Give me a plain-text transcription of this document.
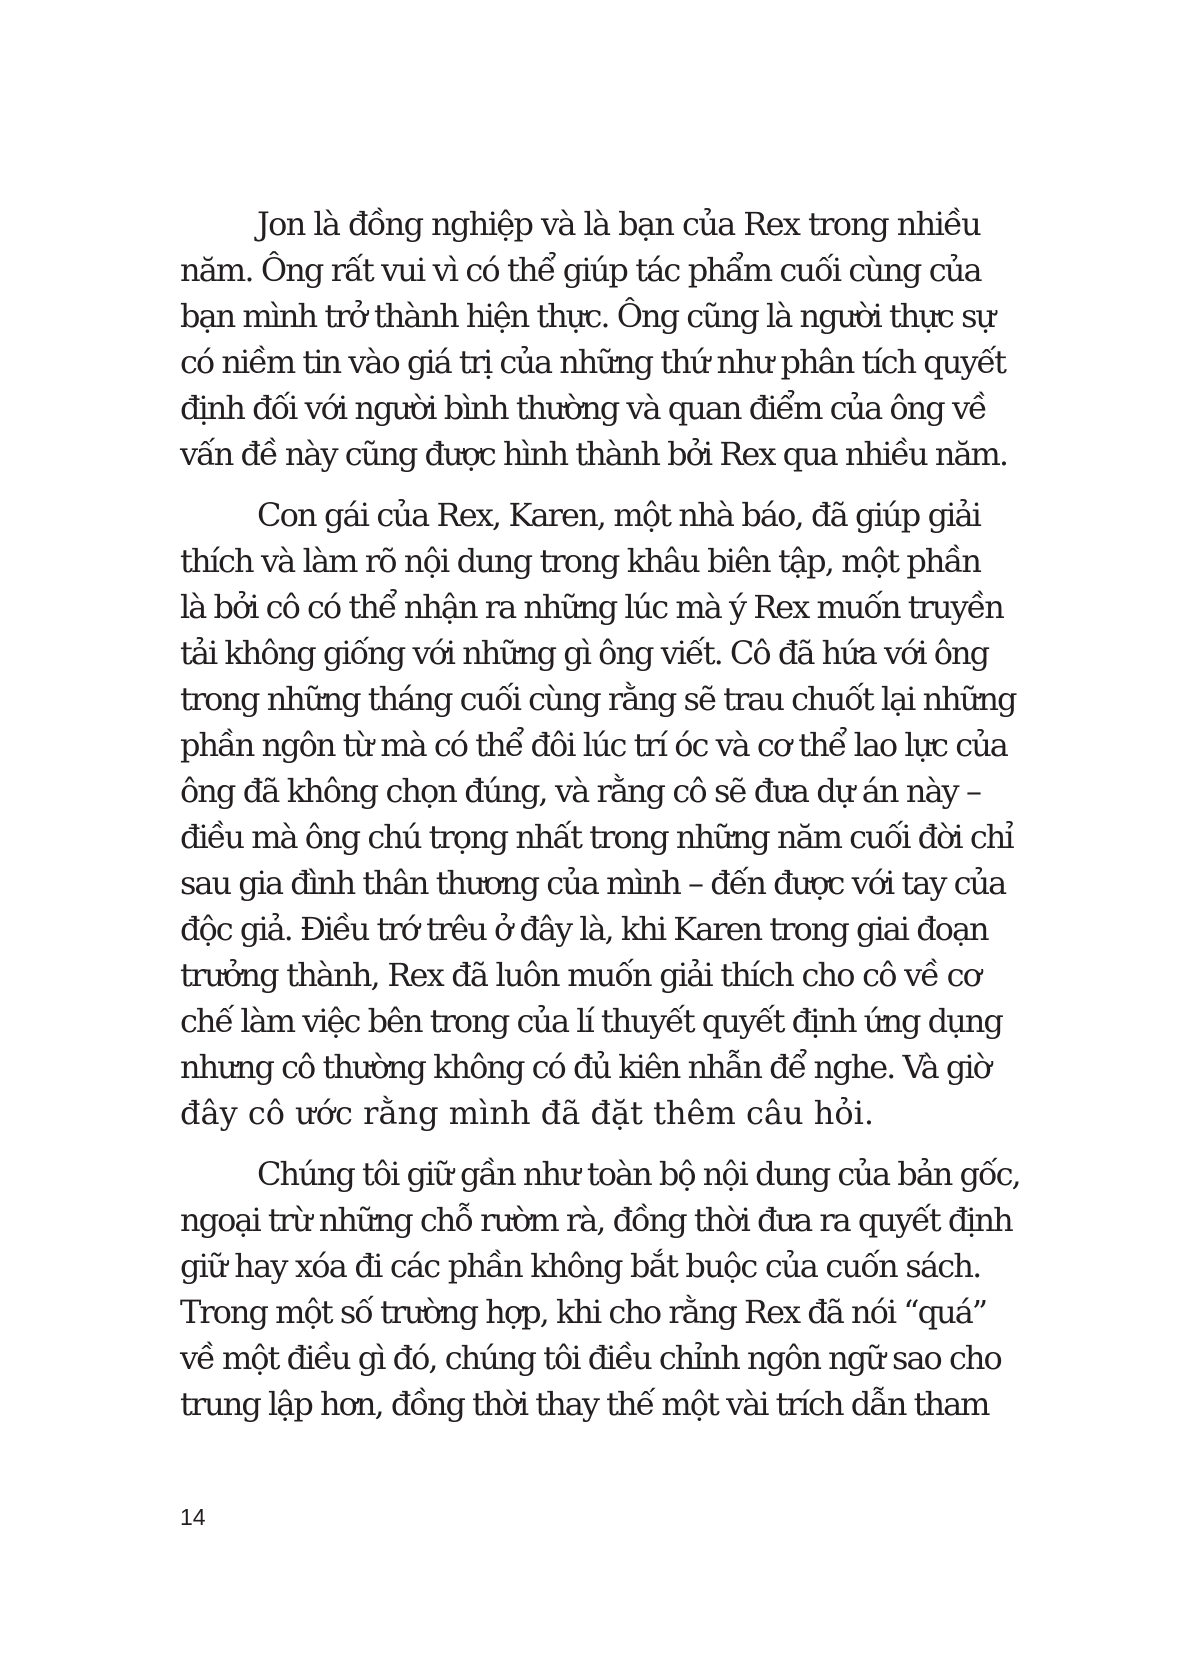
Jon là đồng nghiệp và là bạn của Rex trong nhiều
năm. Ông rất vui vì có thể giúp tác phẩm cuối cùng của
bạn mình trở thành hiện thực. Ông cũng là người thực sự
có niềm tin vào giá trị của những thứ như phân tích quyết
định đối với người bình thường và quan điểm của ông về
vấn đề này cũng được hình thành bởi Rex qua nhiều năm.
Con gái của Rex, Karen, một nhà báo, đã giúp giải
thích và làm rõ nội dung trong khâu biên tập, một phần
là bởi cô có thể nhận ra những lúc mà ý Rex muốn truyền
tải không giống với những gì ông viết. Cô đã hứa với ông
trong những tháng cuối cùng rằng sẽ trau chuốt lại những
phần ngôn từ mà có thể đôi lúc trí óc và cơ thể lao lực của
ông đã không chọn đúng, và rằng cô sẽ đưa dự án này –
điều mà ông chú trọng nhất trong những năm cuối đời chỉ
sau gia đình thân thương của mình – đến được với tay của
độc giả. Điều trớ trêu ở đây là, khi Karen trong giai đoạn
trưởng thành, Rex đã luôn muốn giải thích cho cô về cơ
chế làm việc bên trong của lí thuyết quyết định ứng dụng
nhưng cô thường không có đủ kiên nhẫn để nghe. Và giờ
đây cô ước rằng mình đã đặt thêm câu hỏi.
Chúng tôi giữ gần như toàn bộ nội dung của bản gốc,
ngoại trừ những chỗ rườm rà, đồng thời đưa ra quyết định
giữ hay xóa đi các phần không bắt buộc của cuốn sách.
Trong một số trường hợp, khi cho rằng Rex đã nói “quá”
về một điều gì đó, chúng tôi điều chỉnh ngôn ngữ sao cho
trung lập hơn, đồng thời thay thế một vài trích dẫn tham
14
